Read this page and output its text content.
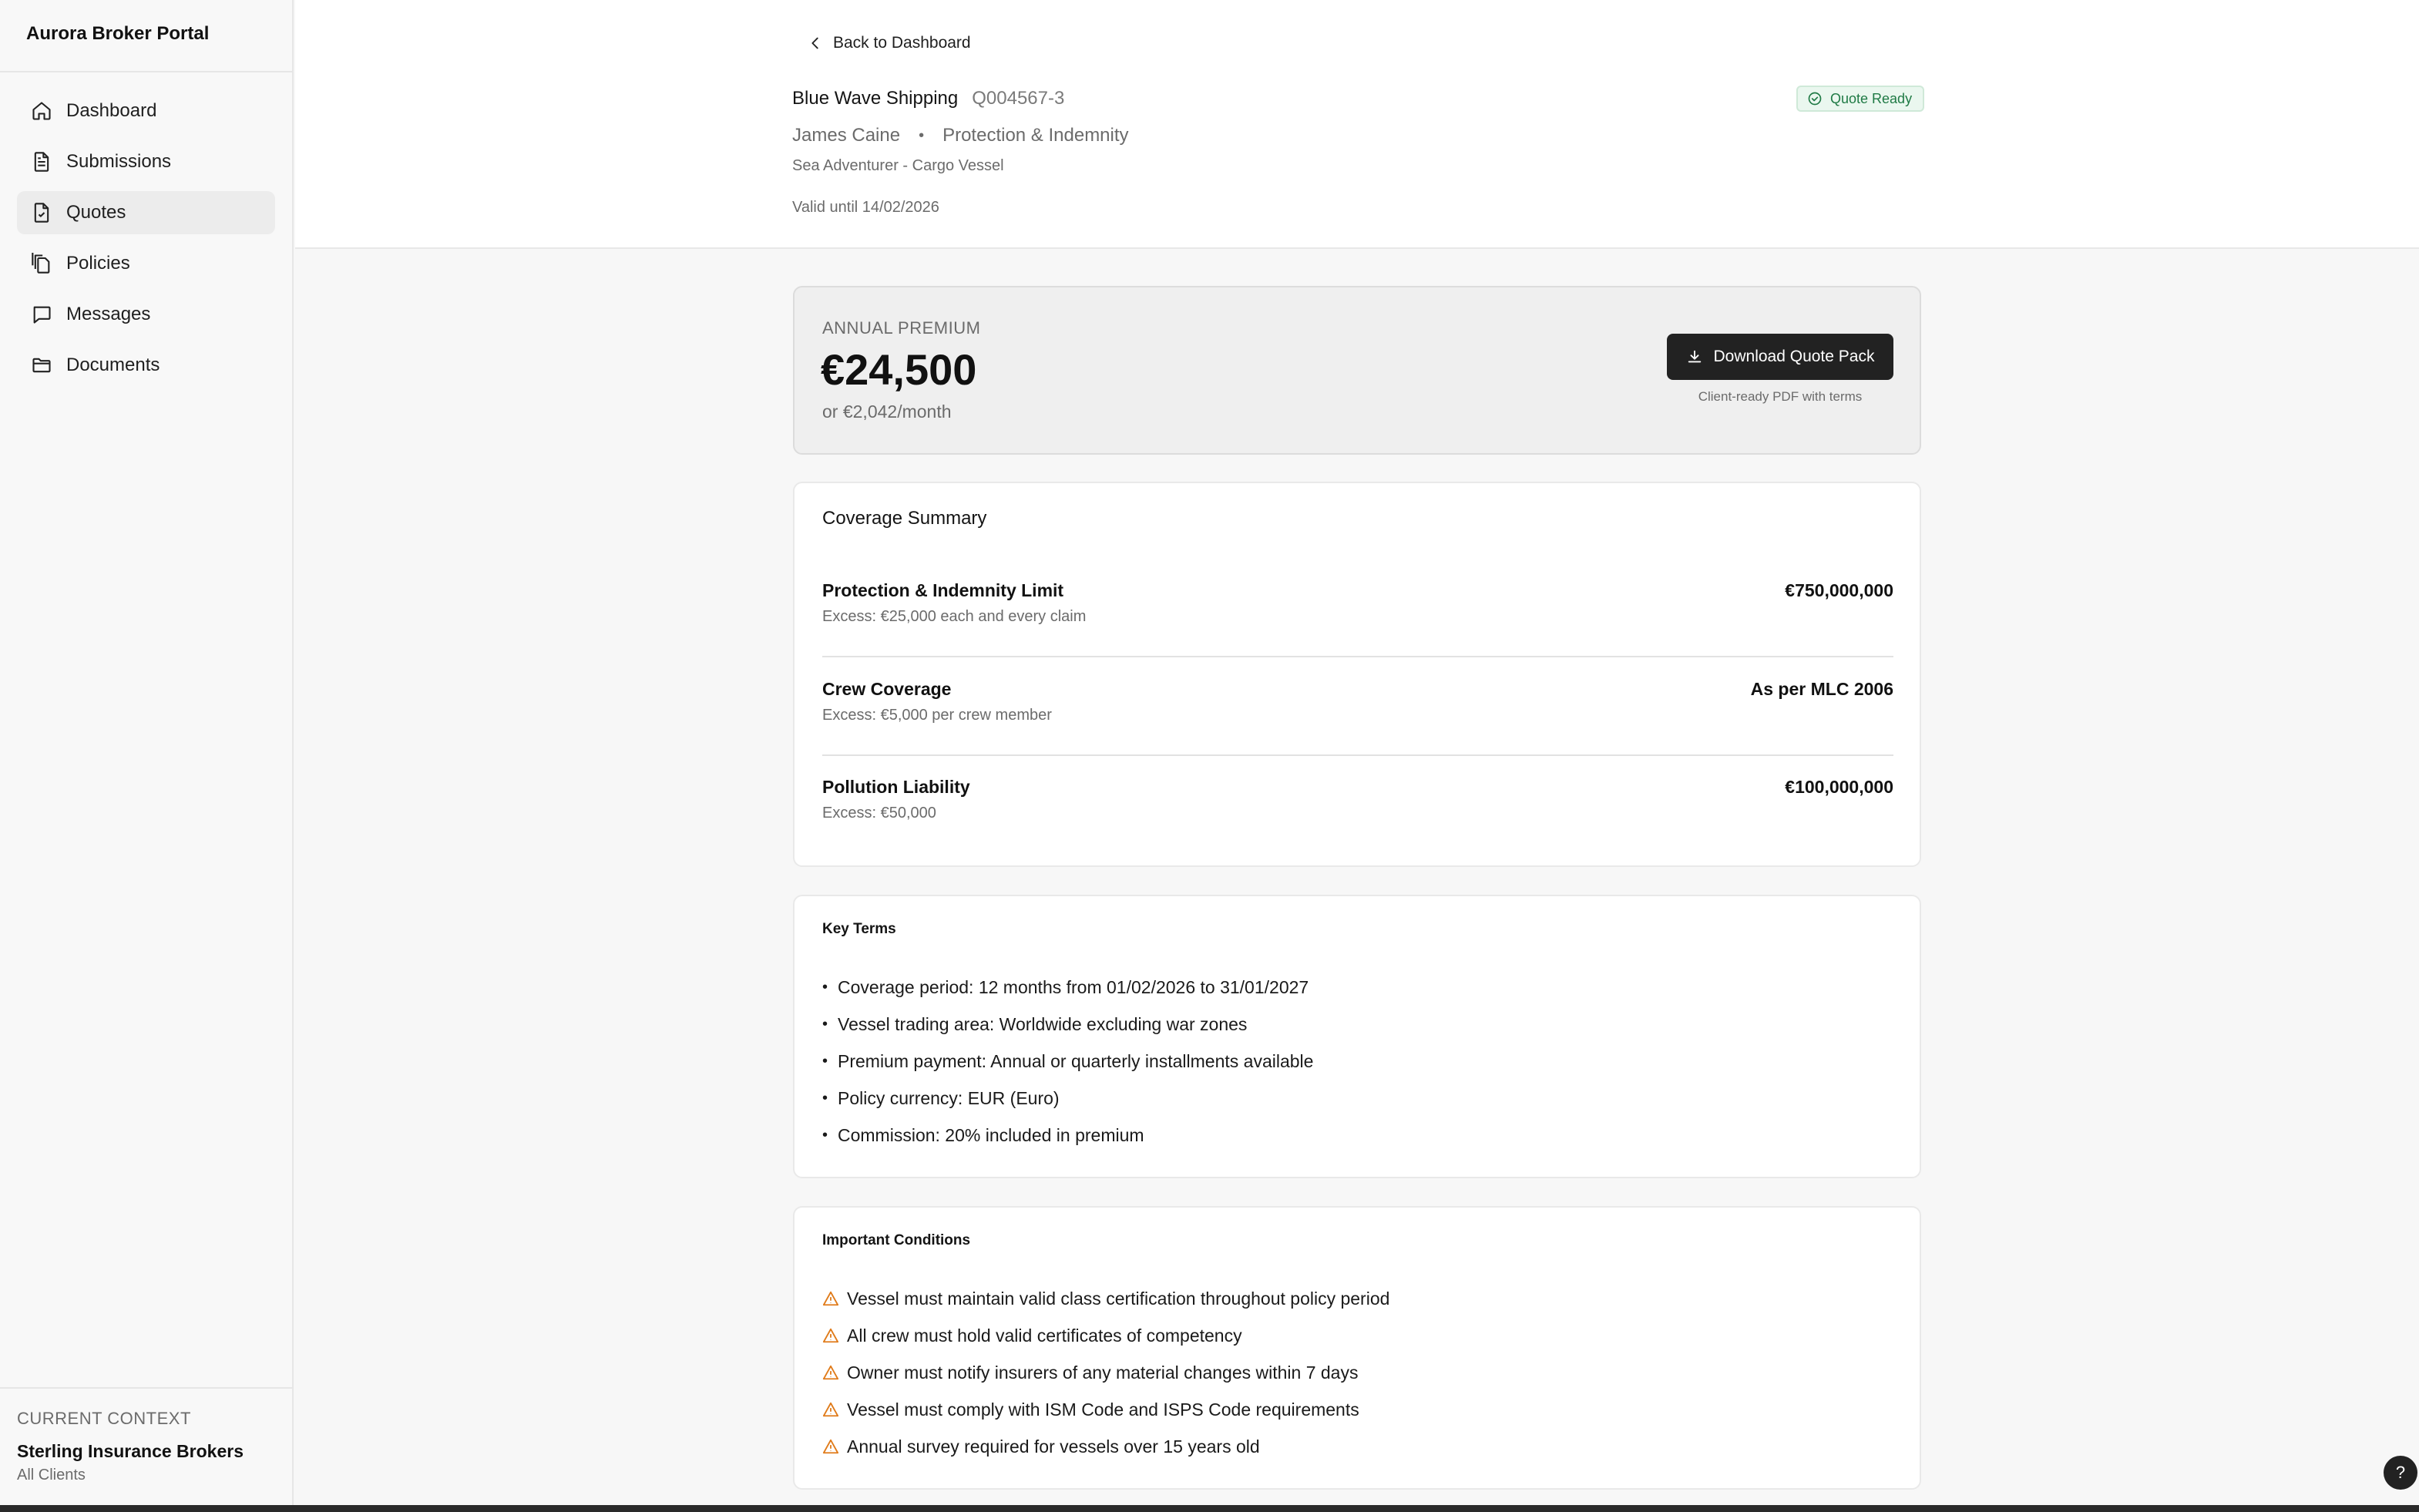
Aurora Broker Portal
Dashboard
Submissions
Quotes
Policies
Messages
Documents
CURRENT CONTEXT
Sterling Insurance Brokers
All Clients
Back to Dashboard
Blue Wave Shipping Q004567-3
James Caine • Protection & Indemnity
Sea Adventurer - Cargo Vessel
Valid until 14/02/2026
Quote Ready
ANNUAL PREMIUM
€24,500
or €2,042/month
Download Quote Pack
Client-ready PDF with terms
Coverage Summary
Protection & Indemnity Limit
Excess: €25,000 each and every claim
€750,000,000
Crew Coverage
Excess: €5,000 per crew member
As per MLC 2006
Pollution Liability
Excess: €50,000
€100,000,000
Key Terms
• Coverage period: 12 months from 01/02/2026 to 31/01/2027
• Vessel trading area: Worldwide excluding war zones
• Premium payment: Annual or quarterly installments available
• Policy currency: EUR (Euro)
• Commission: 20% included in premium
Important Conditions
Vessel must maintain valid class certification throughout policy period
All crew must hold valid certificates of competency
Owner must notify insurers of any material changes within 7 days
Vessel must comply with ISM Code and ISPS Code requirements
Annual survey required for vessels over 15 years old
?
